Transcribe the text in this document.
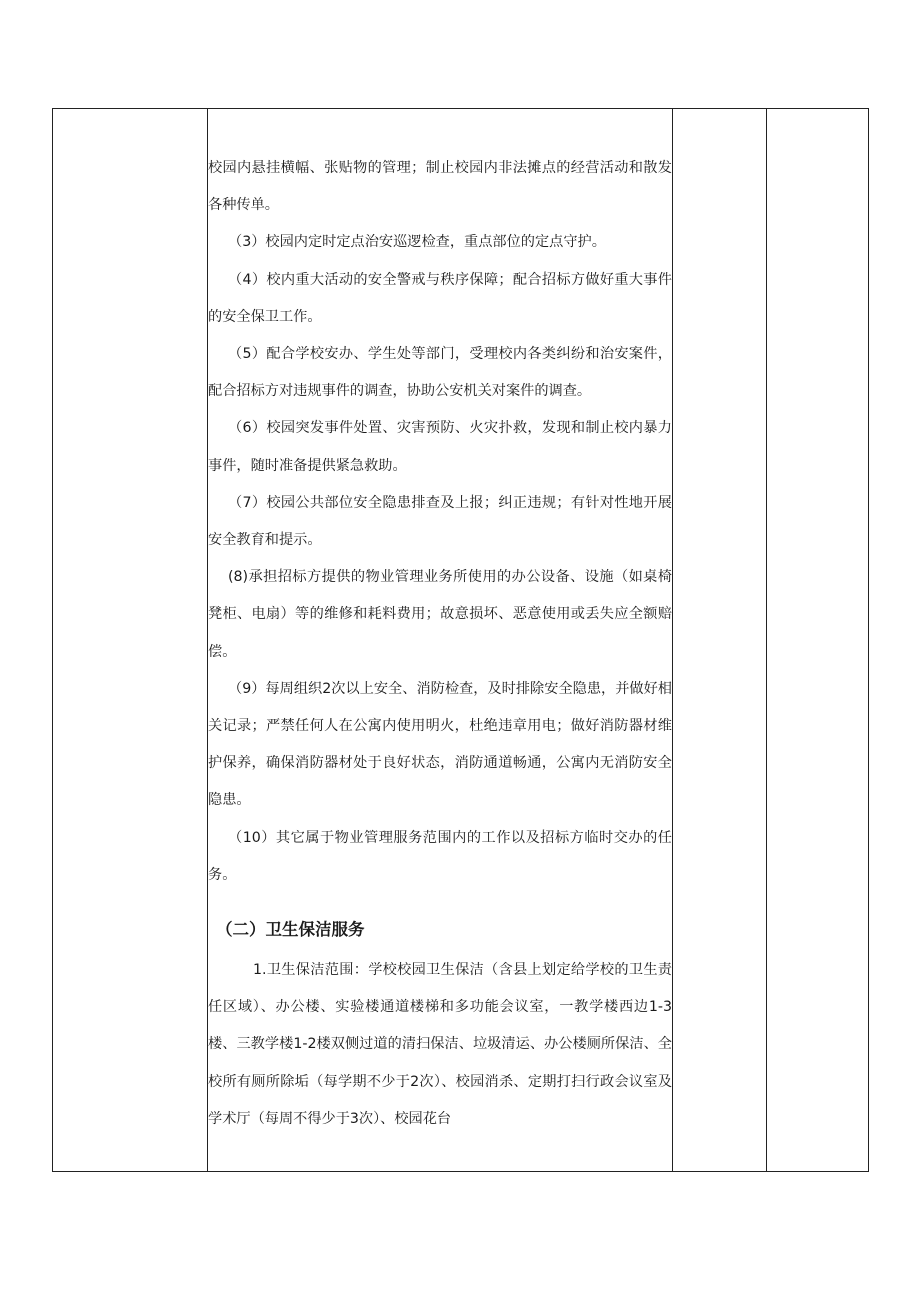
校园内悬挂横幅、张贴物的管理；制止校园内非法摊点的经营活动和散发各种传单。

（3）校园内定时定点治安巡逻检查，重点部位的定点守护。

（4）校内重大活动的安全警戒与秩序保障；配合招标方做好重大事件的安全保卫工作。

（5）配合学校安办、学生处等部门，受理校内各类纠纷和治安案件，配合招标方对违规事件的调查，协助公安机关对案件的调查。

（6）校园突发事件处置、灾害预防、火灾扑救，发现和制止校内暴力事件，随时准备提供紧急救助。

（7）校园公共部位安全隐患排查及上报；纠正违规；有针对性地开展安全教育和提示。

(8)承担招标方提供的物业管理业务所使用的办公设备、设施（如桌椅凳柜、电扇）等的维修和耗料费用；故意损坏、恶意使用或丢失应全额赔偿。

（9）每周组织2次以上安全、消防检查，及时排除安全隐患，并做好相关记录；严禁任何人在公寓内使用明火，杜绝违章用电；做好消防器材维护保养，确保消防器材处于良好状态，消防通道畅通，公寓内无消防安全隐患。

（10）其它属于物业管理服务范围内的工作以及招标方临时交办的任务。

（二）卫生保洁服务

1.卫生保洁范围：学校校园卫生保洁（含县上划定给学校的卫生责任区域）、办公楼、实验楼通道楼梯和多功能会议室，一教学楼西边1-3楼、三教学楼1-2楼双侧过道的清扫保洁、垃圾清运、办公楼厕所保洁、全校所有厕所除垢（每学期不少于2次）、校园消杀、定期打扫行政会议室及学术厅（每周不得少于3次）、校园花台
